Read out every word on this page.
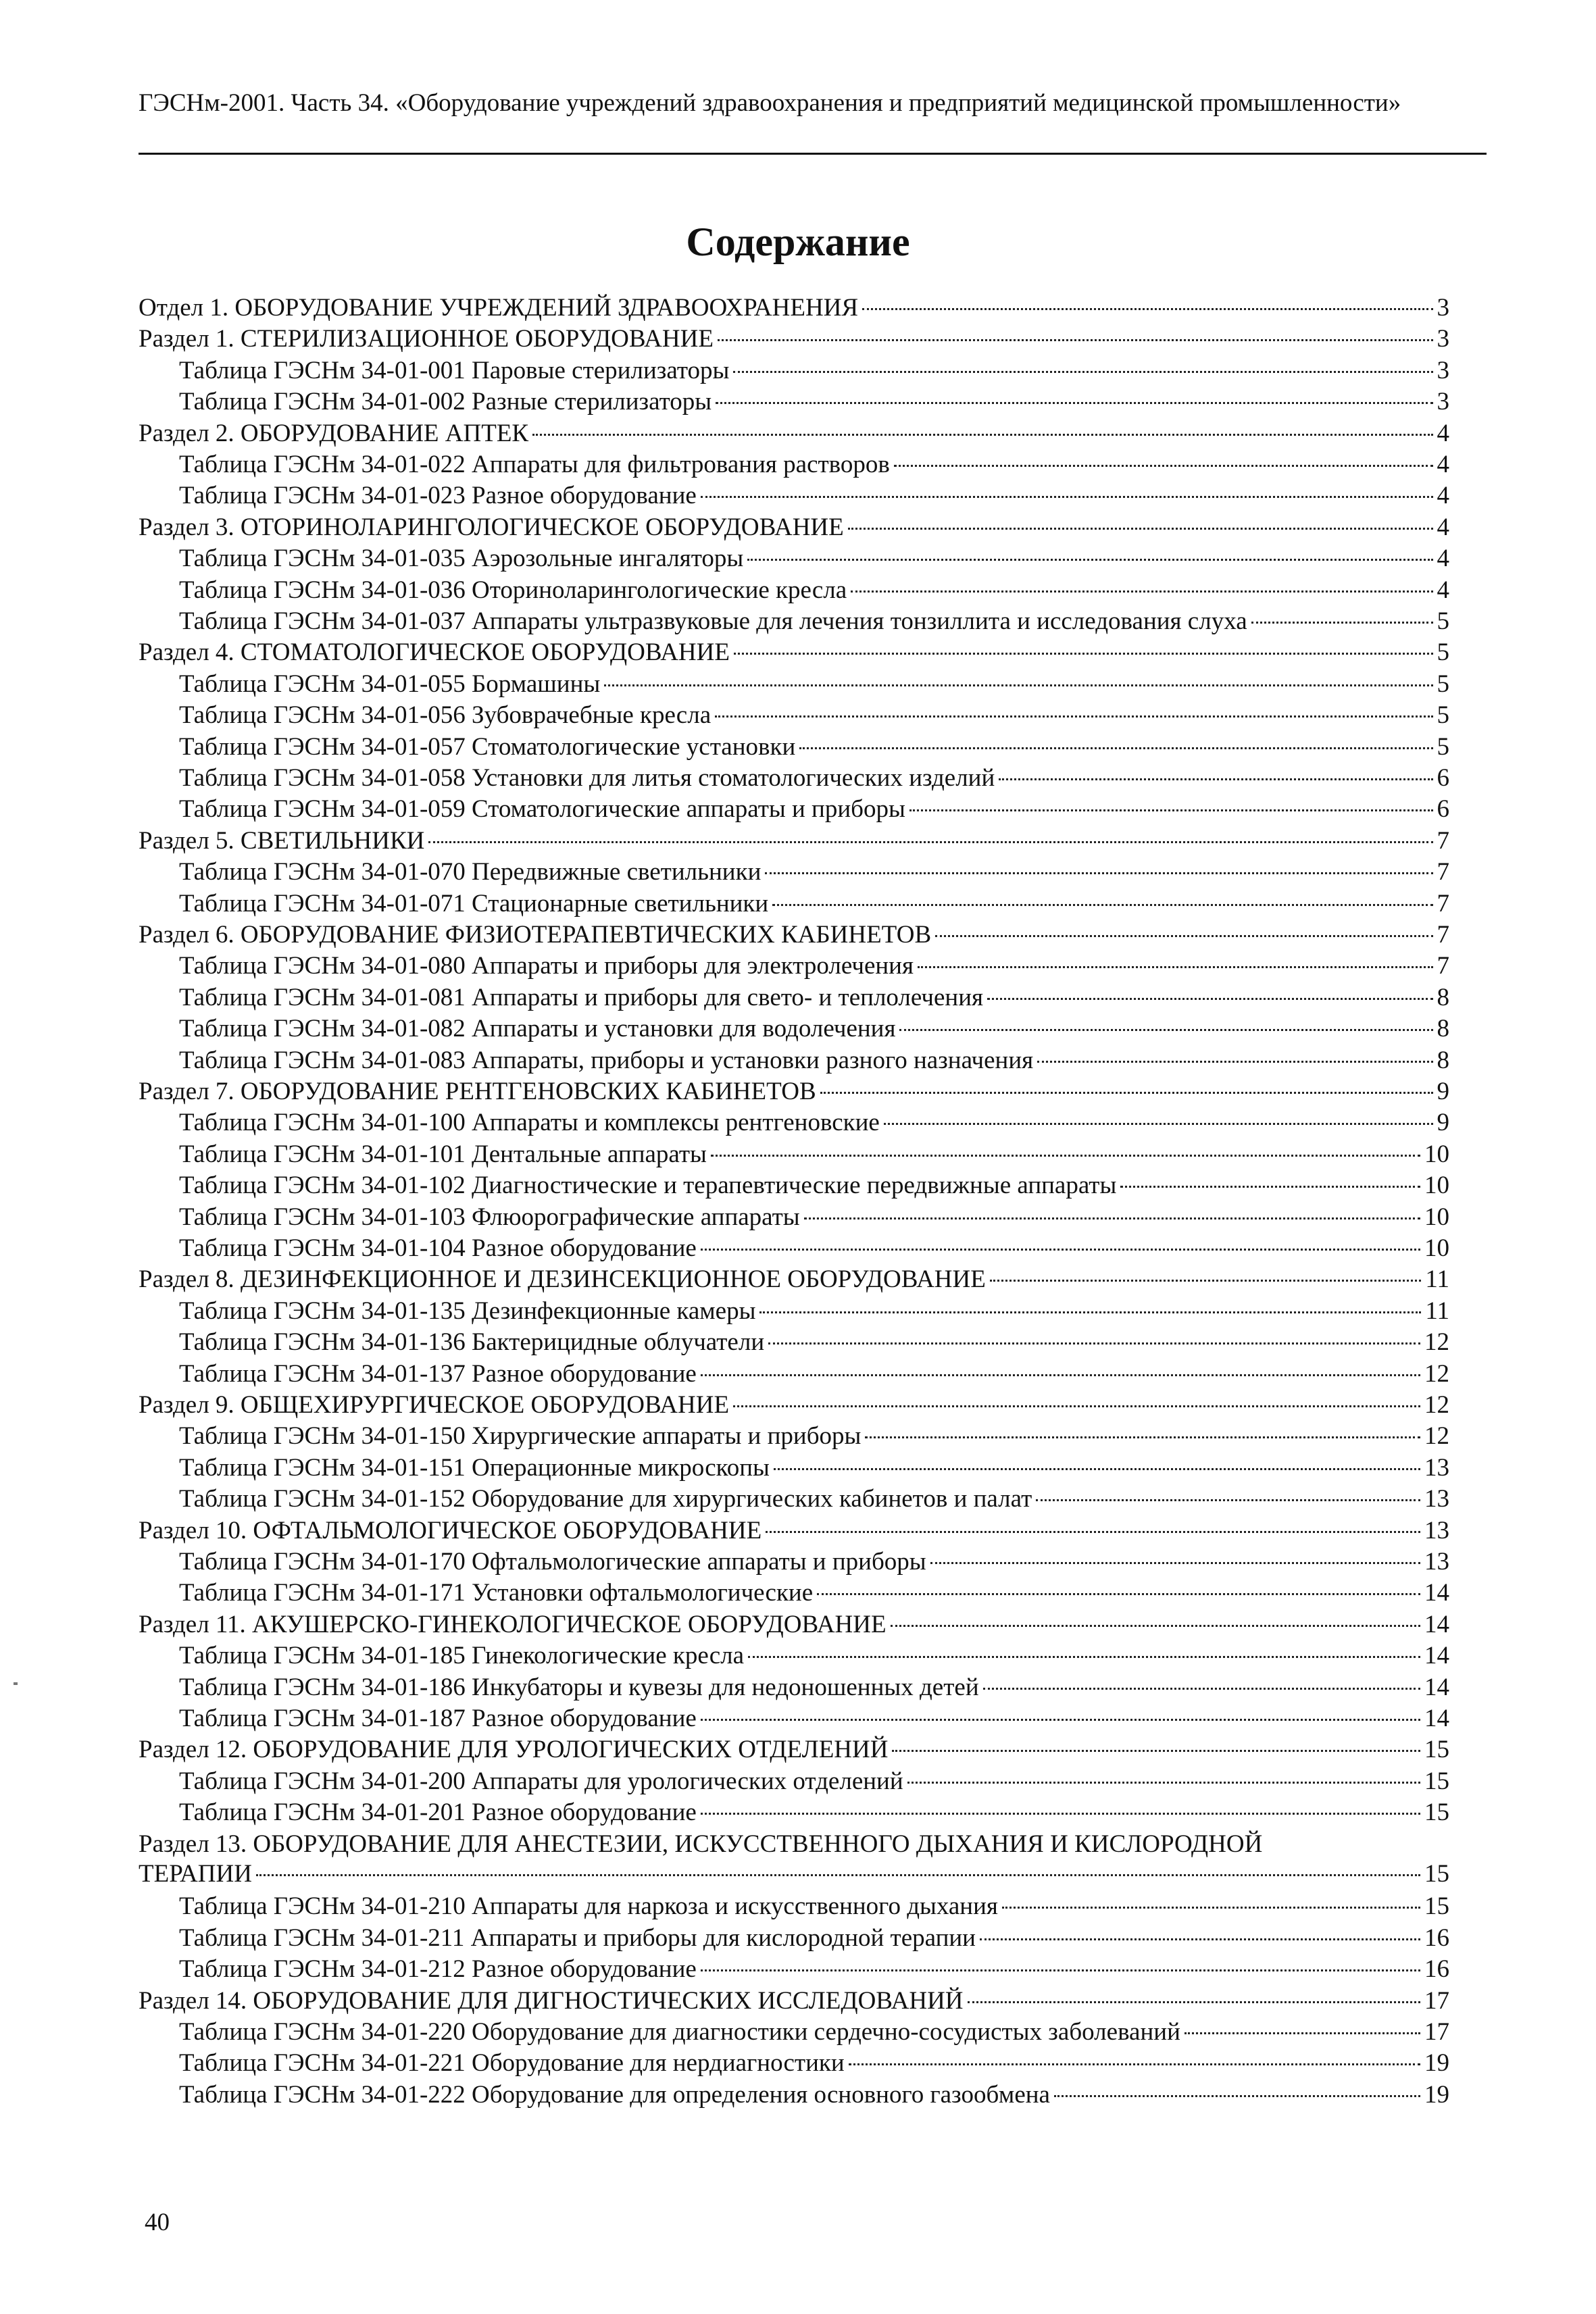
ГЭСНм-2001. Часть 34. «Оборудование учреждений здравоохранения и предприятий медицинской промышленности»
Содержание
Отдел 1. ОБОРУДОВАНИЕ УЧРЕЖДЕНИЙ ЗДРАВООХРАНЕНИЯ	3
Раздел 1. СТЕРИЛИЗАЦИОННОЕ ОБОРУДОВАНИЕ	3
Таблица ГЭСНм 34-01-001 Паровые стерилизаторы	3
Таблица ГЭСНм 34-01-002 Разные стерилизаторы	3
Раздел 2. ОБОРУДОВАНИЕ АПТЕК	4
Таблица ГЭСНм 34-01-022 Аппараты для фильтрования растворов	4
Таблица ГЭСНм 34-01-023 Разное оборудование	4
Раздел 3. ОТОРИНОЛАРИНГОЛОГИЧЕСКОЕ ОБОРУДОВАНИЕ	4
Таблица ГЭСНм 34-01-035 Аэрозольные ингаляторы	4
Таблица ГЭСНм 34-01-036 Оториноларингологические кресла	4
Таблица ГЭСНм 34-01-037 Аппараты ультразвуковые для лечения тонзиллита и исследования слуха	5
Раздел 4. СТОМАТОЛОГИЧЕСКОЕ ОБОРУДОВАНИЕ	5
Таблица ГЭСНм 34-01-055 Бормашины	5
Таблица ГЭСНм 34-01-056 Зубоврачебные кресла	5
Таблица ГЭСНм 34-01-057 Стоматологические установки	5
Таблица ГЭСНм 34-01-058 Установки для литья стоматологических изделий	6
Таблица ГЭСНм 34-01-059 Стоматологические аппараты и приборы	6
Раздел 5. СВЕТИЛЬНИКИ	7
Таблица ГЭСНм 34-01-070 Передвижные светильники	7
Таблица ГЭСНм 34-01-071 Стационарные светильники	7
Раздел 6. ОБОРУДОВАНИЕ ФИЗИОТЕРАПЕВТИЧЕСКИХ КАБИНЕТОВ	7
Таблица ГЭСНм 34-01-080 Аппараты и приборы для электролечения	7
Таблица ГЭСНм 34-01-081 Аппараты и приборы для свето- и теплолечения	8
Таблица ГЭСНм 34-01-082 Аппараты и установки для водолечения	8
Таблица ГЭСНм 34-01-083 Аппараты, приборы и установки разного назначения	8
Раздел 7. ОБОРУДОВАНИЕ РЕНТГЕНОВСКИХ КАБИНЕТОВ	9
Таблица ГЭСНм 34-01-100 Аппараты и комплексы рентгеновские	9
Таблица ГЭСНм 34-01-101 Дентальные аппараты	10
Таблица ГЭСНм 34-01-102 Диагностические и терапевтические передвижные аппараты	10
Таблица ГЭСНм 34-01-103 Флюорографические аппараты	10
Таблица ГЭСНм 34-01-104 Разное оборудование	10
Раздел 8. ДЕЗИНФЕКЦИОННОЕ И ДЕЗИНСЕКЦИОННОЕ ОБОРУДОВАНИЕ	11
Таблица ГЭСНм 34-01-135 Дезинфекционные камеры	11
Таблица ГЭСНм 34-01-136 Бактерицидные облучатели	12
Таблица ГЭСНм 34-01-137 Разное оборудование	12
Раздел 9. ОБЩЕХИРУРГИЧЕСКОЕ ОБОРУДОВАНИЕ	12
Таблица ГЭСНм 34-01-150 Хирургические аппараты и приборы	12
Таблица ГЭСНм 34-01-151 Операционные микроскопы	13
Таблица ГЭСНм 34-01-152 Оборудование для хирургических кабинетов и палат	13
Раздел 10. ОФТАЛЬМОЛОГИЧЕСКОЕ ОБОРУДОВАНИЕ	13
Таблица ГЭСНм 34-01-170 Офтальмологические аппараты и приборы	13
Таблица ГЭСНм 34-01-171 Установки офтальмологические	14
Раздел 11. АКУШЕРСКО-ГИНЕКОЛОГИЧЕСКОЕ ОБОРУДОВАНИЕ	14
Таблица ГЭСНм 34-01-185 Гинекологические кресла	14
Таблица ГЭСНм 34-01-186 Инкубаторы и кувезы для недоношенных детей	14
Таблица ГЭСНм 34-01-187 Разное оборудование	14
Раздел 12. ОБОРУДОВАНИЕ ДЛЯ УРОЛОГИЧЕСКИХ ОТДЕЛЕНИЙ	15
Таблица ГЭСНм 34-01-200 Аппараты для урологических отделений	15
Таблица ГЭСНм 34-01-201 Разное оборудование	15
Раздел 13. ОБОРУДОВАНИЕ ДЛЯ АНЕСТЕЗИИ, ИСКУССТВЕННОГО ДЫХАНИЯ И КИСЛОРОДНОЙ
ТЕРАПИИ	15
Таблица ГЭСНм 34-01-210 Аппараты для наркоза и искусственного дыхания	15
Таблица ГЭСНм 34-01-211 Аппараты и приборы для кислородной терапии	16
Таблица ГЭСНм 34-01-212 Разное оборудование	16
Раздел 14. ОБОРУДОВАНИЕ ДЛЯ ДИГНОСТИЧЕСКИХ ИССЛЕДОВАНИЙ	17
Таблица ГЭСНм 34-01-220 Оборудование для диагностики сердечно-сосудистых заболеваний	17
Таблица ГЭСНм 34-01-221 Оборудование для нердиагностики	19
Таблица ГЭСНм 34-01-222 Оборудование для определения основного газообмена	19
40
